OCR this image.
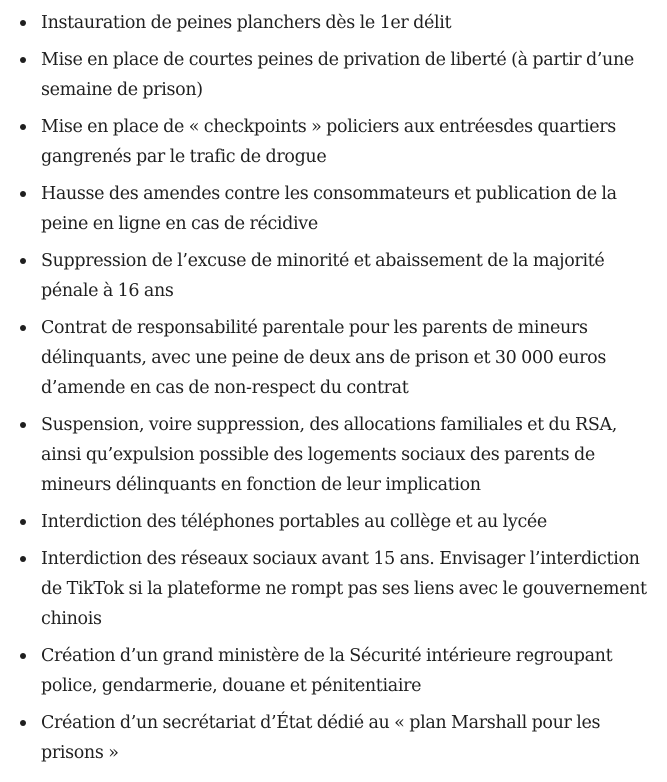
Instauration de peines planchers dès le 1er délit
Mise en place de courtes peines de privation de liberté (à partir d’une semaine de prison)
Mise en place de « checkpoints » policiers aux entréesdes quartiers gangrenés par le trafic de drogue
Hausse des amendes contre les consommateurs et publication de la peine en ligne en cas de récidive
Suppression de l’excuse de minorité et abaissement de la majorité pénale à 16 ans
Contrat de responsabilité parentale pour les parents de mineurs délinquants, avec une peine de deux ans de prison et 30 000 euros d’amende en cas de non-respect du contrat
Suspension, voire suppression, des allocations familiales et du RSA, ainsi qu’expulsion possible des logements sociaux des parents de mineurs délinquants en fonction de leur implication
Interdiction des téléphones portables au collège et au lycée
Interdiction des réseaux sociaux avant 15 ans. Envisager l’interdiction de TikTok si la plateforme ne rompt pas ses liens avec le gouvernement chinois
Création d’un grand ministère de la Sécurité intérieure regroupant police, gendarmerie, douane et pénitentiaire
Création d’un secrétariat d’État dédié au « plan Marshall pour les prisons »
